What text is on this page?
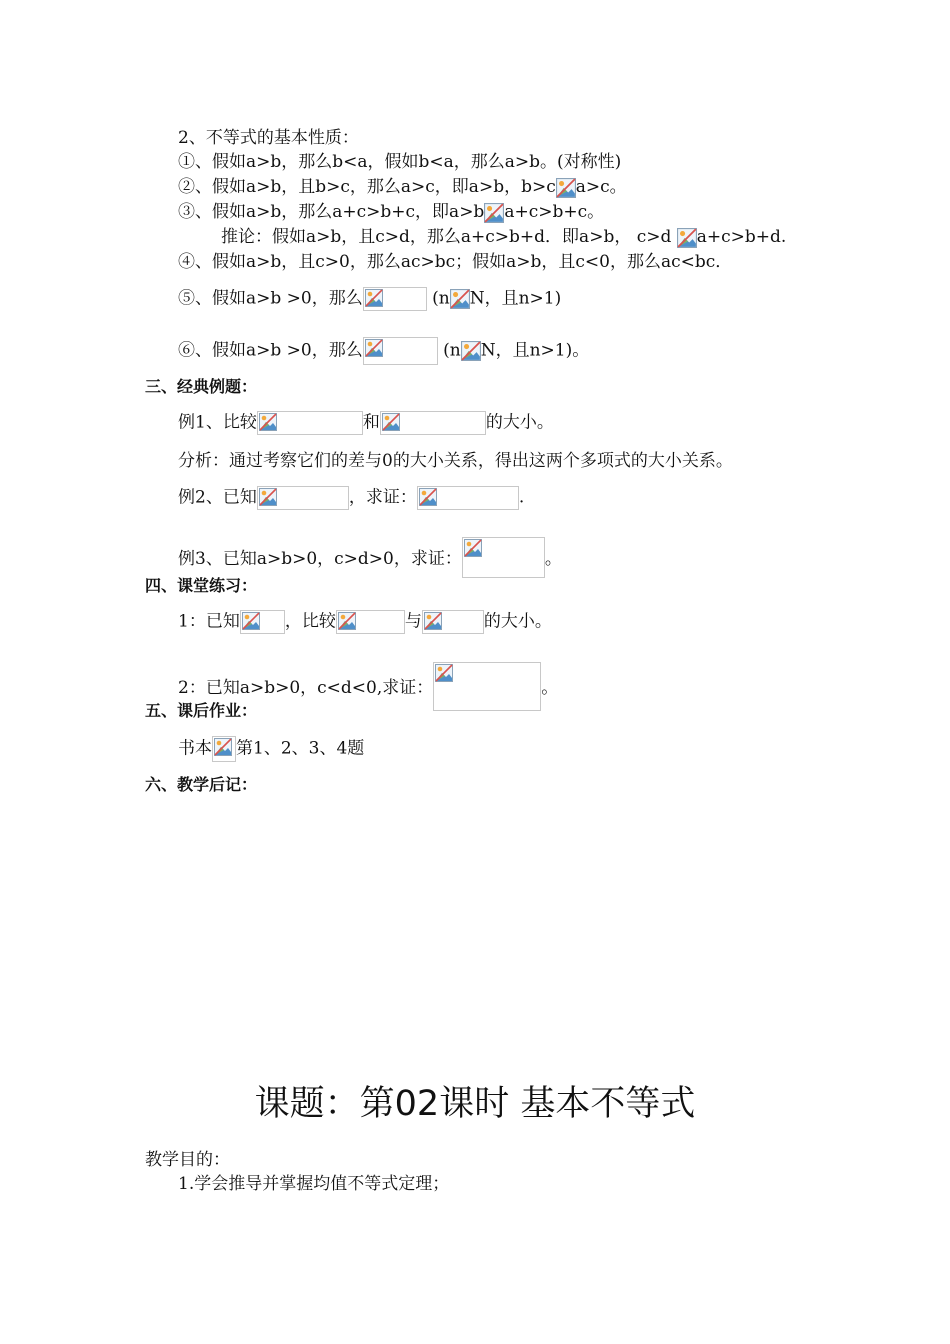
2、不等式的基本性质：
①、假如a>b，那么b<a，假如b<a，那么a>b。(对称性)
②、假如a>b，且b>c，那么a>c，即a>b，b>c a>c。
③、假如a>b，那么a+c>b+c，即a>b a+c>b+c。
推论：假如a>b，且c>d，那么a+c>b+d．即a>b， c>d
a+c>b+d.
④、假如a>b，且c>0，那么ac>bc；假如a>b，且c<0，那么ac<bc．
⑤、假如a>b >0，那么	(n N，且n>1)
⑥、假如a>b >0，那么	(n N，且n>1)。
三、经典例题：
例1、比较	和	的大小。
分析：通过考察它们的差与0的大小关系，得出这两个多项式的大小关系。
例2、已知	，求证：	.
例3、已知a>b>0，c>d>0，求证：	。
四、课堂练习：
1：已知	，比较	与	的大小。
2：已知a>b>0，c<d<0,求证：	。
五、课后作业：
书本 第1、2、3、4题
六、教学后记：
课题：第02课时 基本不等式
教学目的：
1.学会推导并掌握均值不等式定理；
